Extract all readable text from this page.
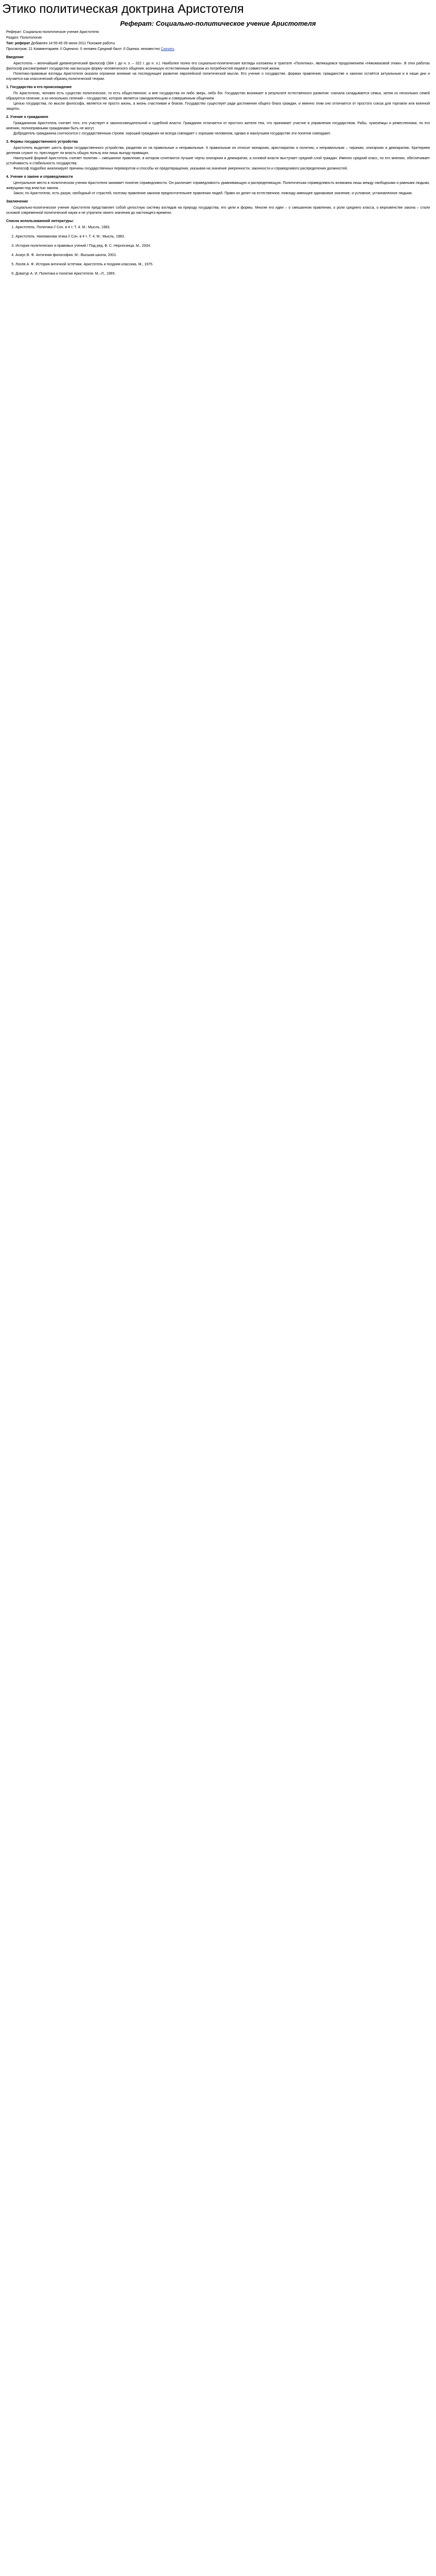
Этико политическая доктрина Аристотеля
Реферат: Социально-политическое учение Аристотеля
Реферат: Социально-политическое учение Аристотеля
Раздел: Политология
Тип: реферат Добавлен 14:55:45 09 июня 2011 Похожие работы
Просмотров: 21 Комментариев: 0 Оценило: 0 человек Средний балл: 0 Оценка: неизвестно Скачать
Введение

Аристотель – величайший древнегреческий философ (384 г. до н. э. – 322 г. до н. э.). Наиболее полно его социально-политические взгляды изложены в трактате «Политика», являющемся продолжением «Никомаховой этики». В этих работах философ рассматривает государство как высшую форму человеческого общения, возникшую естественным образом из потребностей людей в совместной жизни.

Политико-правовые взгляды Аристотеля оказали огромное влияние на последующее развитие европейской политической мысли. Его учение о государстве, формах правления, гражданстве и законах остаётся актуальным и в наши дни и изучается как классический образец политической теории.

1. Государство и его происхождение

По Аристотелю, человек есть существо политическое, то есть общественное, и вне государства он либо зверь, либо бог. Государство возникает в результате естественного развития: сначала складывается семья, затем из нескольких семей образуется селение, а из нескольких селений – государство, которое является самодовлеющим и совершенным общением.

Целью государства, по мысли философа, является не просто жизнь, а жизнь счастливая и благая. Государство существует ради достижения общего блага граждан, и именно этим оно отличается от простого союза для торговли или военной защиты.

2. Учение о гражданине

Гражданином Аристотель считает того, кто участвует в законосовещательной и судебной власти. Гражданин отличается от простого жителя тем, что принимает участие в управлении государством. Рабы, чужеземцы и ремесленники, по его мнению, полноправными гражданами быть не могут.

Добродетель гражданина соотносится с государственным строем: хороший гражданин не всегда совпадает с хорошим человеком, однако в наилучшем государстве эти понятия совпадают.

3. Формы государственного устройства

Аристотель выделяет шесть форм государственного устройства, разделяя их на правильные и неправильные. К правильным он относит монархию, аристократию и политию, к неправильным – тиранию, олигархию и демократию. Критерием деления служит то, преследует ли власть общую пользу или лишь выгоду правящих.

Наилучшей формой Аристотель считает политию – смешанное правление, в котором сочетаются лучшие черты олигархии и демократии, а основой власти выступает средний слой граждан. Именно средний класс, по его мнению, обеспечивает устойчивость и стабильность государства.

Философ подробно анализирует причины государственных переворотов и способы их предотвращения, указывая на значение умеренности, законности и справедливого распределения должностей.

4. Учение о законе и справедливости

Центральное место в политическом учении Аристотеля занимает понятие справедливости. Он различает справедливость уравнивающую и распределяющую. Политическая справедливость возможна лишь между свободными и равными людьми, живущими под властью закона.

Закон, по Аристотелю, есть разум, свободный от страстей, поэтому правление законов предпочтительнее правления людей. Право он делит на естественное, повсюду имеющее одинаковое значение, и условное, установленное людьми.

Заключение

Социально-политическое учение Аристотеля представляет собой целостную систему взглядов на природу государства, его цели и формы. Многие его идеи – о смешанном правлении, о роли среднего класса, о верховенстве закона – стали основой современной политической науки и не утратили своего значения до настоящего времени.

Список использованной литературы:
1. Аристотель. Политика // Соч. в 4 т. Т. 4. М.: Мысль, 1983.
2. Аристотель. Никомахова этика // Соч. в 4 т. Т. 4. М.: Мысль, 1983.
3. История политических и правовых учений / Под ред. В. С. Нерсесянца. М., 2004.
4. Асмус В. Ф. Античная философия. М.: Высшая школа, 2001.
5. Лосев А. Ф. История античной эстетики. Аристотель и поздняя классика. М., 1975.
6. Доватур А. И. Политика и политии Аристотеля. М.–Л., 1965.
